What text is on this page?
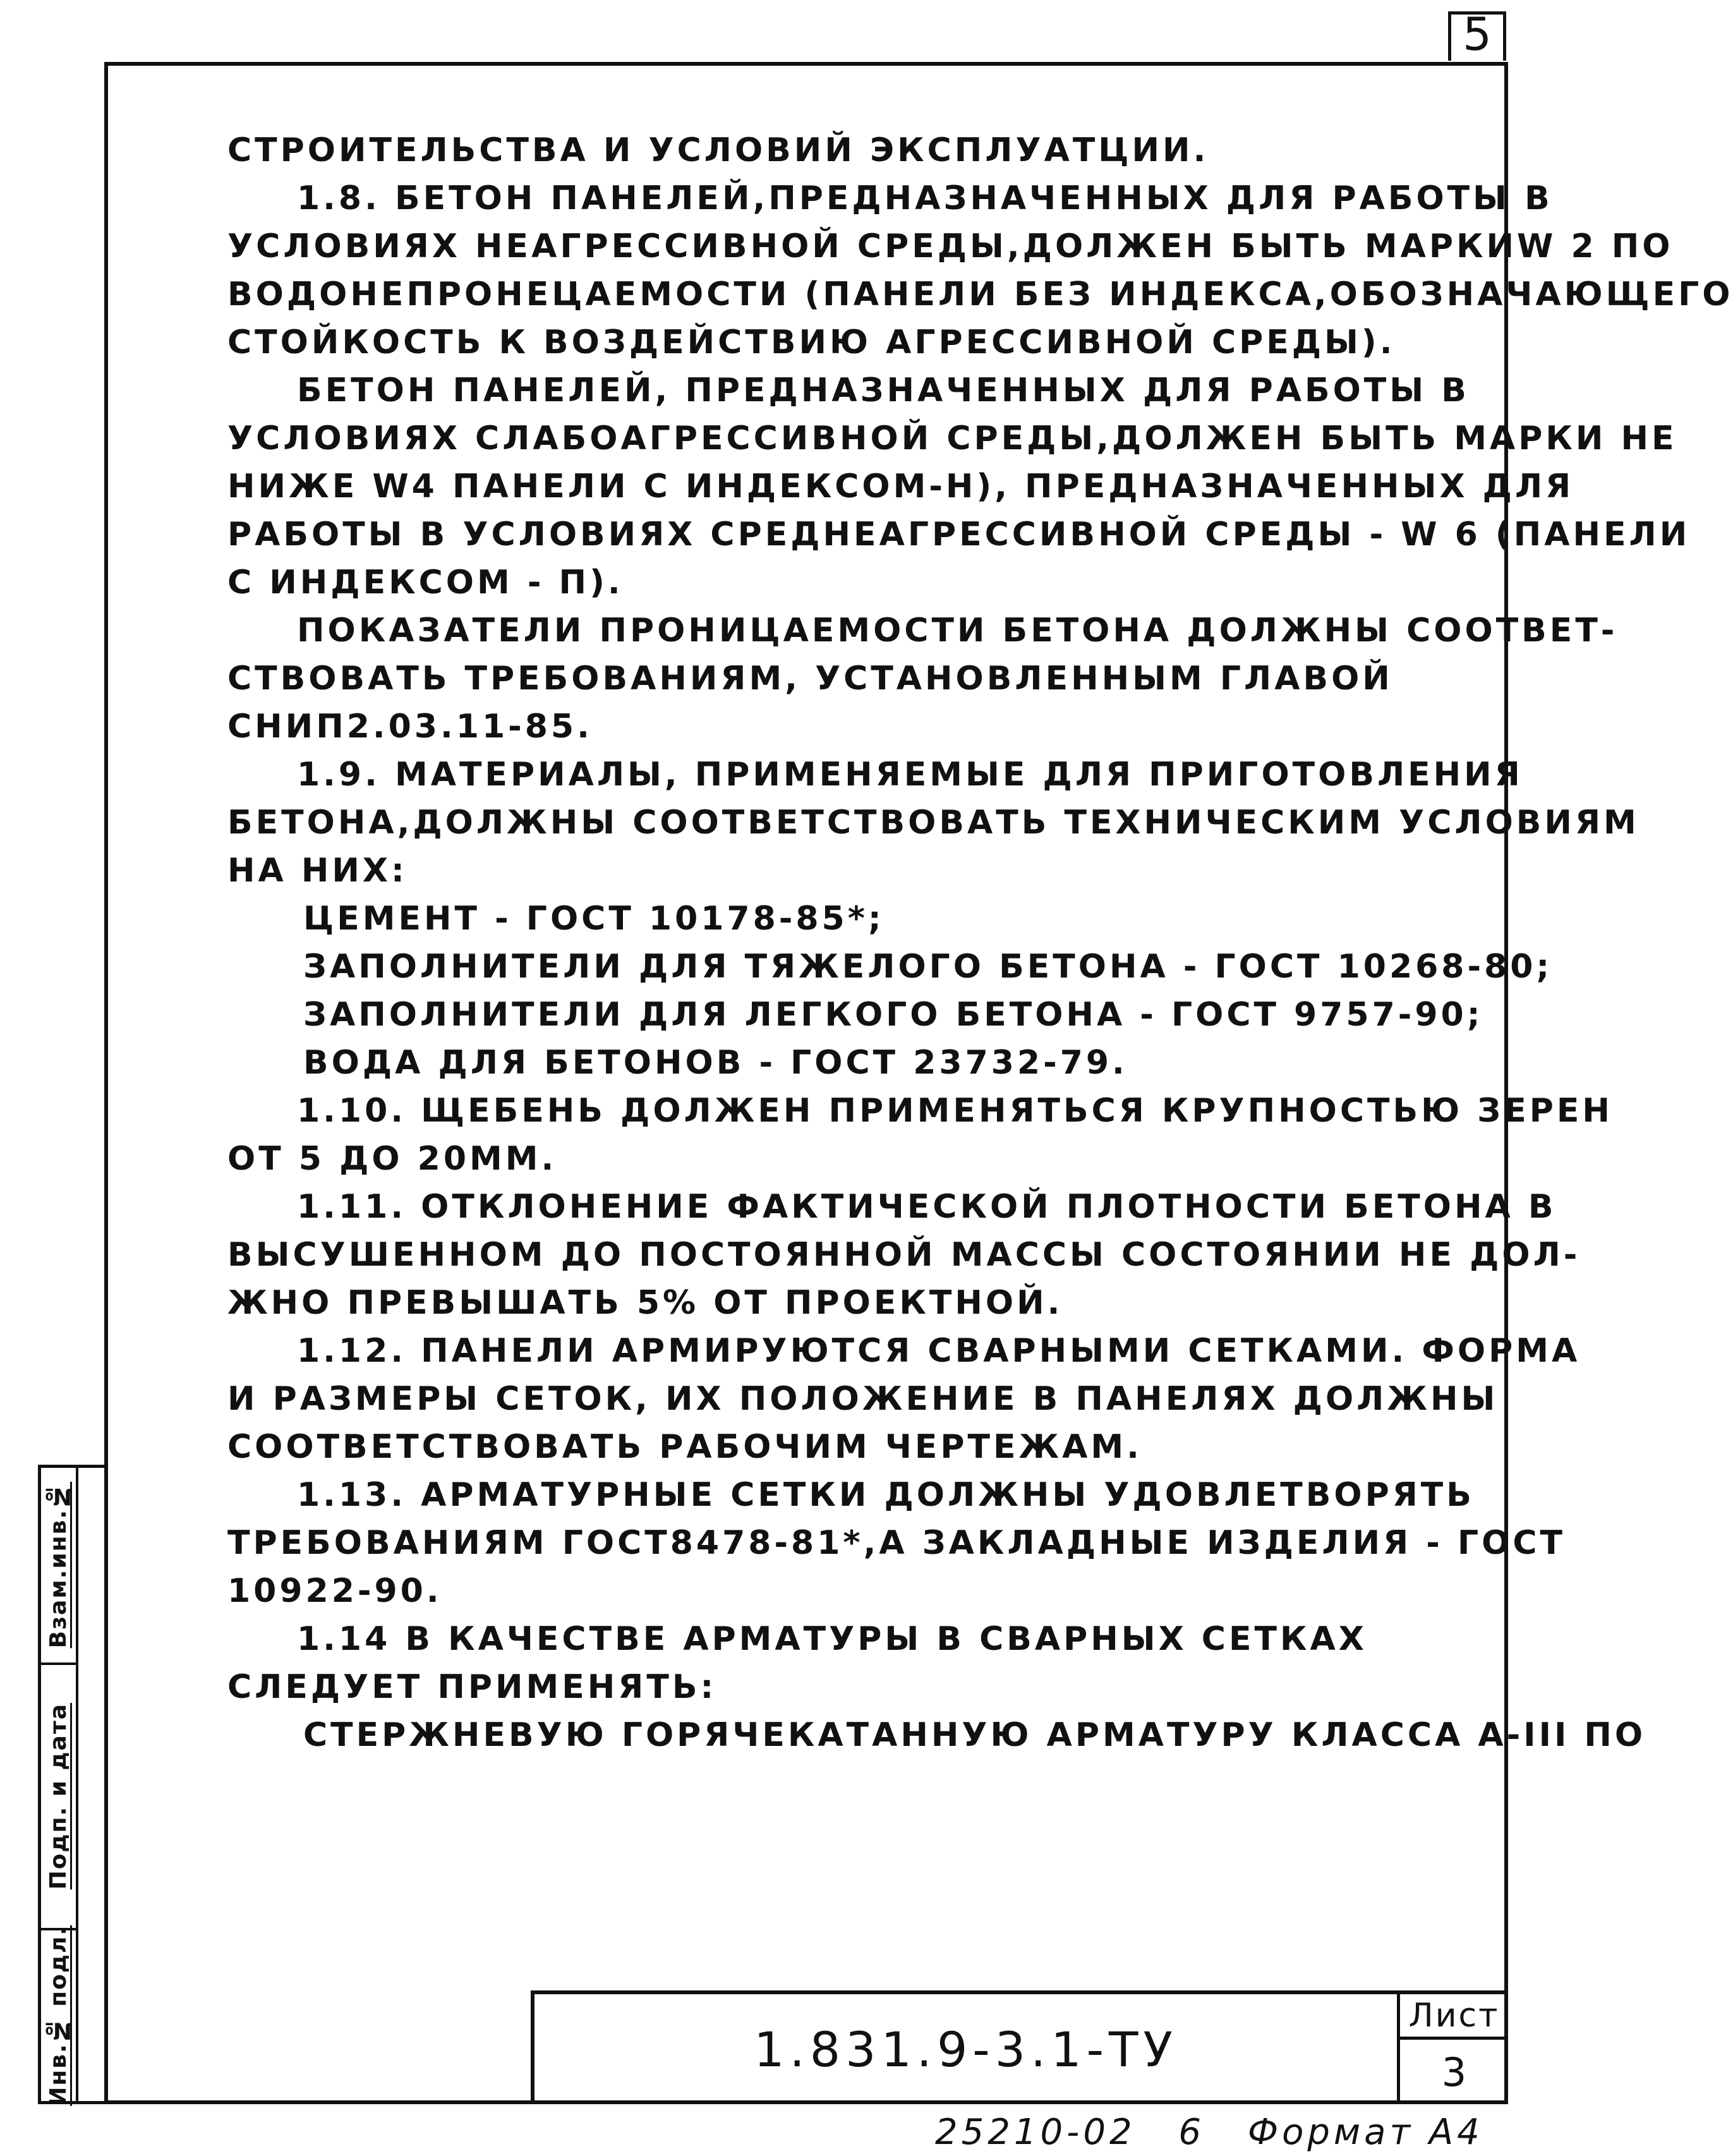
5
СТРОИТЕЛЬСТВА И УСЛОВИЙ ЭКСПЛУАТЦИИ.
1.8. БЕТОН ПАНЕЛЕЙ,ПРЕДНАЗНАЧЕННЫХ ДЛЯ РАБОТЫ В
УСЛОВИЯХ НЕАГРЕССИВНОЙ СРЕДЫ,ДОЛЖЕН БЫТЬ МАРКИW 2 ПО
ВОДОНЕПРОНЕЦАЕМОСТИ (ПАНЕЛИ БЕЗ ИНДЕКСА,ОБОЗНАЧАЮЩЕГО
СТОЙКОСТЬ К ВОЗДЕЙСТВИЮ АГРЕССИВНОЙ СРЕДЫ).
БЕТОН ПАНЕЛЕЙ, ПРЕДНАЗНАЧЕННЫХ ДЛЯ РАБОТЫ В
УСЛОВИЯХ СЛАБОАГРЕССИВНОЙ СРЕДЫ,ДОЛЖЕН БЫТЬ МАРКИ НЕ
НИЖЕ W4 ПАНЕЛИ С ИНДЕКСОМ-Н), ПРЕДНАЗНАЧЕННЫХ ДЛЯ
РАБОТЫ В УСЛОВИЯХ СРЕДНЕАГРЕССИВНОЙ СРЕДЫ - W 6 (ПАНЕЛИ
С ИНДЕКСОМ - П).
ПОКАЗАТЕЛИ ПРОНИЦАЕМОСТИ БЕТОНА ДОЛЖНЫ СООТВЕТ-
СТВОВАТЬ ТРЕБОВАНИЯМ, УСТАНОВЛЕННЫМ ГЛАВОЙ
СНИП2.03.11-85.
1.9. МАТЕРИАЛЫ, ПРИМЕНЯЕМЫЕ ДЛЯ ПРИГОТОВЛЕНИЯ
БЕТОНА,ДОЛЖНЫ СООТВЕТСТВОВАТЬ ТЕХНИЧЕСКИМ УСЛОВИЯМ
НА НИХ:
ЦЕМЕНТ - ГОСТ 10178-85*;
ЗАПОЛНИТЕЛИ ДЛЯ ТЯЖЕЛОГО БЕТОНА - ГОСТ 10268-80;
ЗАПОЛНИТЕЛИ ДЛЯ ЛЕГКОГО БЕТОНА - ГОСТ 9757-90;
ВОДА ДЛЯ БЕТОНОВ - ГОСТ 23732-79.
1.10. ЩЕБЕНЬ ДОЛЖЕН ПРИМЕНЯТЬСЯ КРУПНОСТЬЮ ЗЕРЕН
ОТ 5 ДО 20ММ.
1.11. ОТКЛОНЕНИЕ ФАКТИЧЕСКОЙ ПЛОТНОСТИ БЕТОНА В
ВЫСУШЕННОМ ДО ПОСТОЯННОЙ МАССЫ СОСТОЯНИИ НЕ ДОЛ-
ЖНО ПРЕВЫШАТЬ 5% ОТ ПРОЕКТНОЙ.
1.12. ПАНЕЛИ АРМИРУЮТСЯ СВАРНЫМИ СЕТКАМИ. ФОРМА
И РАЗМЕРЫ СЕТОК, ИХ ПОЛОЖЕНИЕ В ПАНЕЛЯХ ДОЛЖНЫ
СООТВЕТСТВОВАТЬ РАБОЧИМ ЧЕРТЕЖАМ.
1.13. АРМАТУРНЫЕ СЕТКИ ДОЛЖНЫ УДОВЛЕТВОРЯТЬ
ТРЕБОВАНИЯМ ГОСТ8478-81*,А ЗАКЛАДНЫЕ ИЗДЕЛИЯ - ГОСТ
10922-90.
1.14 В КАЧЕСТВЕ АРМАТУРЫ В СВАРНЫХ СЕТКАХ
СЛЕДУЕТ ПРИМЕНЯТЬ:
СТЕРЖНЕВУЮ ГОРЯЧЕКАТАННУЮ АРМАТУРУ КЛАССА А-III ПО
Взам.инв.№
Подп. и дата
Инв.№ подл.	1.831.9-3.1-ТУ
Лист
3
25210-02 6 Формат А4
